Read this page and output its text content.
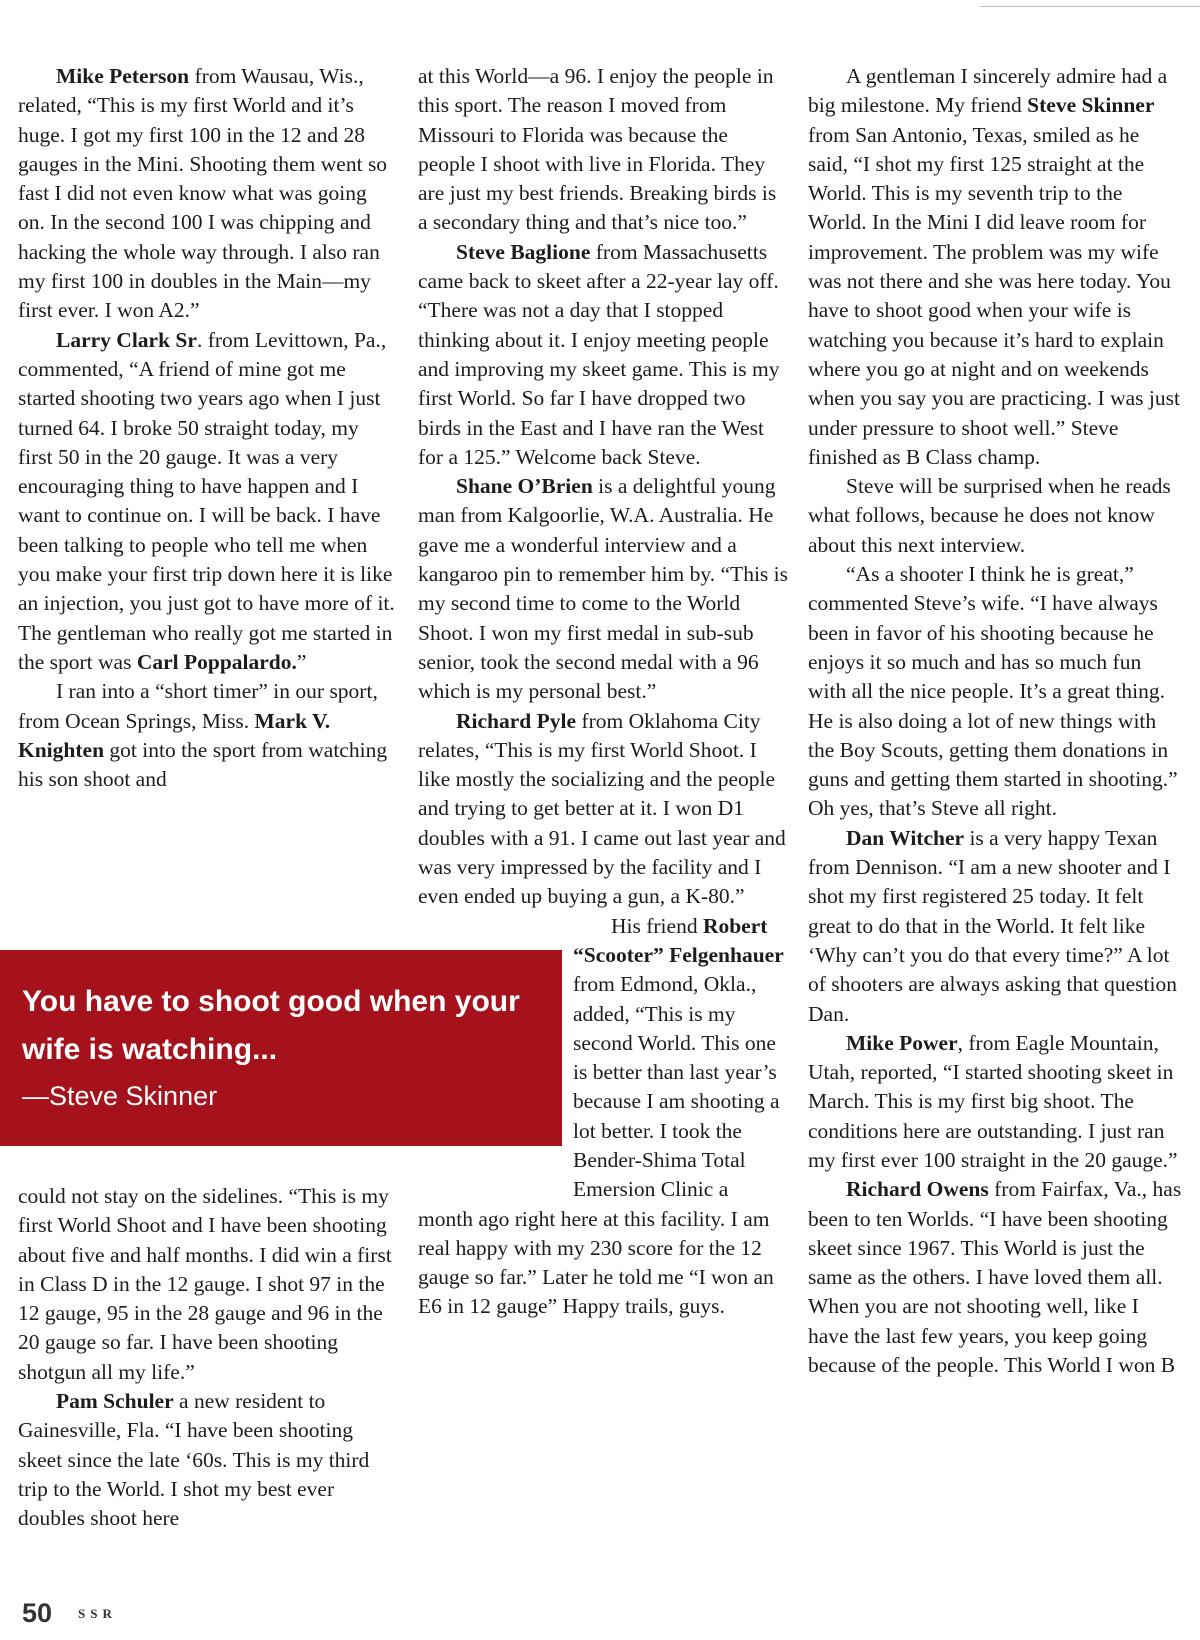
Mike Peterson from Wausau, Wis., related, “This is my first World and it’s huge. I got my first 100 in the 12 and 28 gauges in the Mini. Shooting them went so fast I did not even know what was going on. In the second 100 I was chipping and hacking the whole way through. I also ran my first 100 in doubles in the Main—my first ever. I won A2.”

Larry Clark Sr. from Levittown, Pa., commented, “A friend of mine got me started shooting two years ago when I just turned 64. I broke 50 straight today, my first 50 in the 20 gauge. It was a very encouraging thing to have happen and I want to continue on. I will be back. I have been talking to people who tell me when you make your first trip down here it is like an injection, you just got to have more of it. The gentleman who really got me started in the sport was Carl Poppalardo.”

I ran into a “short timer” in our sport, from Ocean Springs, Miss. Mark V. Knighten got into the sport from watching his son shoot and

could not stay on the sidelines. “This is my first World Shoot and I have been shooting about five and half months. I did win a first in Class D in the 12 gauge. I shot 97 in the 12 gauge, 95 in the 28 gauge and 96 in the 20 gauge so far. I have been shooting shotgun all my life.”

Pam Schuler a new resident to Gainesville, Fla. “I have been shooting skeet since the late ‘60s. This is my third trip to the World. I shot my best ever doubles shoot here

at this World—a 96. I enjoy the people in this sport. The reason I moved from Missouri to Florida was because the people I shoot with live in Florida. They are just my best friends. Breaking birds is a secondary thing and that’s nice too.”

Steve Baglione from Massachusetts came back to skeet after a 22-year lay off. “There was not a day that I stopped thinking about it. I enjoy meeting people and improving my skeet game. This is my first World. So far I have dropped two birds in the East and I have ran the West for a 125.” Welcome back Steve.

Shane O’Brien is a delightful young man from Kalgoorlie, W.A. Australia. He gave me a wonderful interview and a kangaroo pin to remember him by. “This is my second time to come to the World Shoot. I won my first medal in sub-sub senior, took the second medal with a 96 which is my personal best.”

Richard Pyle from Oklahoma City relates, “This is my first World Shoot. I like mostly the socializing and the people and trying to get better at it. I won D1 doubles with a 91. I came out last year and was very impressed by the facility and I even ended up buying a gun, a K-80.”

His friend Robert “Scooter” Felgenhauer from Edmond, Okla., added, “This is my second World. This one is better than last year’s because I am shooting a lot better. I took the Bender-Shima Total Emersion Clinic a month ago right here at this facility. I am real happy with my 230 score for the 12 gauge so far.” Later he told me “I won an E6 in 12 gauge” Happy trails, guys.

A gentleman I sincerely admire had a big milestone. My friend Steve Skinner from San Antonio, Texas, smiled as he said, “I shot my first 125 straight at the World. This is my seventh trip to the World. In the Mini I did leave room for improvement. The problem was my wife was not there and she was here today. You have to shoot good when your wife is watching you because it’s hard to explain where you go at night and on weekends when you say you are practicing. I was just under pressure to shoot well.” Steve finished as B Class champ.

Steve will be surprised when he reads what follows, because he does not know about this next interview.

“As a shooter I think he is great,” commented Steve’s wife. “I have always been in favor of his shooting because he enjoys it so much and has so much fun with all the nice people. It’s a great thing. He is also doing a lot of new things with the Boy Scouts, getting them donations in guns and getting them started in shooting.” Oh yes, that’s Steve all right.

Dan Witcher is a very happy Texan from Dennison. “I am a new shooter and I shot my first registered 25 today. It felt great to do that in the World. It felt like ‘Why can’t you do that every time?” A lot of shooters are always asking that question Dan.

Mike Power, from Eagle Mountain, Utah, reported, “I started shooting skeet in March. This is my first big shoot. The conditions here are outstanding. I just ran my first ever 100 straight in the 20 gauge.”

Richard Owens from Fairfax, Va., has been to ten Worlds. “I have been shooting skeet since 1967. This World is just the same as the others. I have loved them all. When you are not shooting well, like I have the last few years, you keep going because of the people. This World I won B

You have to shoot good when your wife is watching...
—Steve Skinner
50 SSR
